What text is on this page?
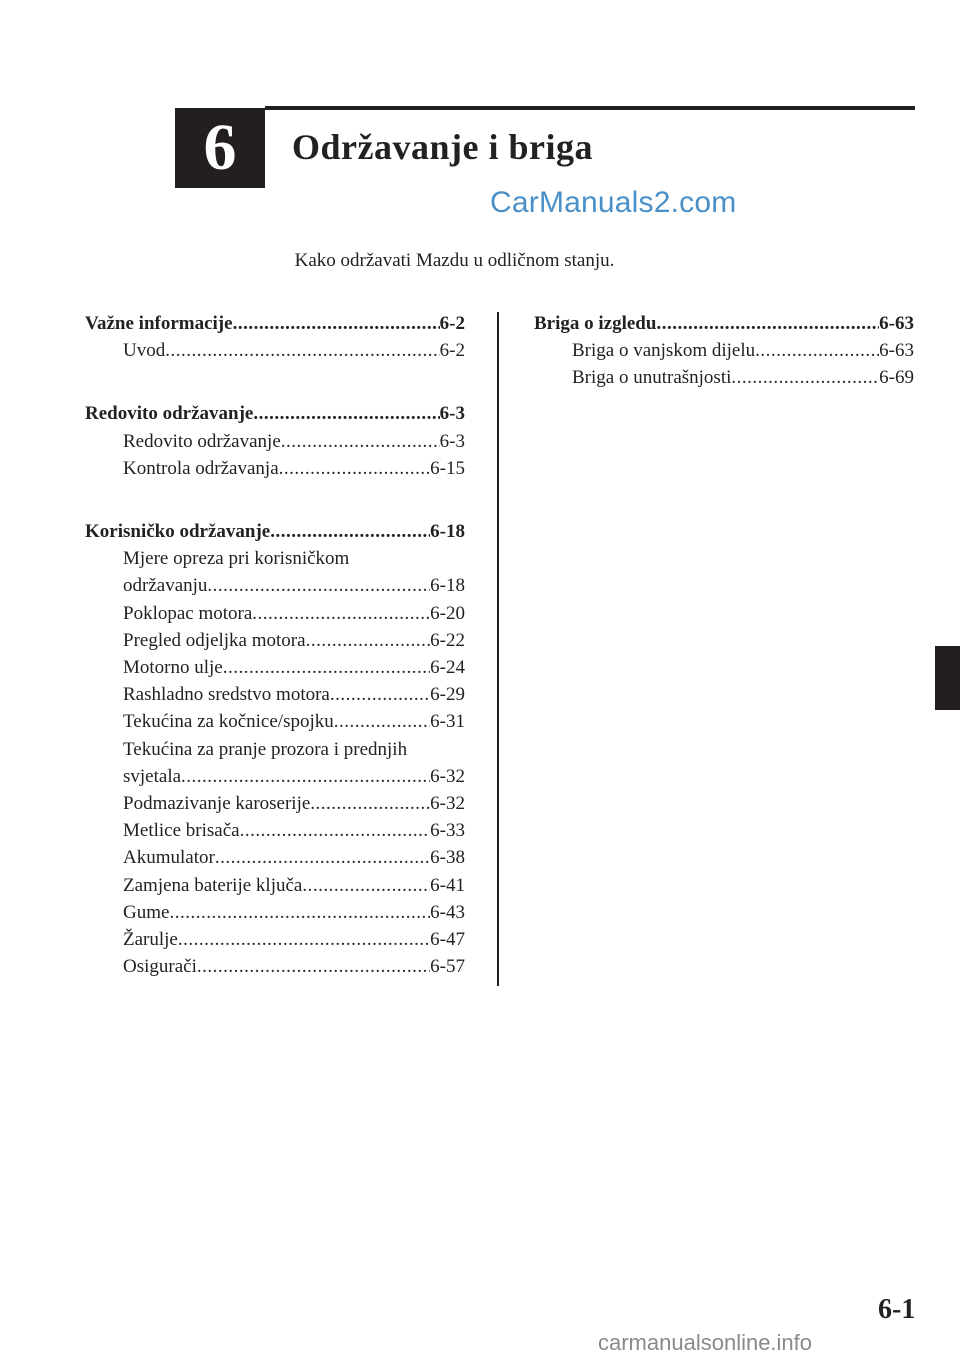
6	Održavanje i briga
CarManuals2.com
Kako održavati Mazdu u odličnom stanju.
Važne informacije .....	6-2
Uvod .....	6-2
Redovito održavanje .....	6-3
Redovito održavanje .....	6-3
Kontrola održavanja .....	6-15
Korisničko održavanje .....	6-18
Mjere opreza pri korisničkom
održavanju .....	6-18
Poklopac motora .....	6-20
Pregled odjeljka motora .....	6-22
Motorno ulje .....	6-24
Rashladno sredstvo motora .....	6-29
Tekućina za kočnice/spojku .....	6-31
Tekućina za pranje prozora i prednjih
svjetala .....	6-32
Podmazivanje karoserije .....	6-32
Metlice brisača .....	6-33
Akumulator .....	6-38
Zamjena baterije ključa .....	6-41
Gume .....	6-43
Žarulje .....	6-47
Osigurači .....	6-57
Briga o izgledu .....	6-63
Briga o vanjskom dijelu .....	6-63
Briga o unutrašnjosti .....	6-69
6-1
carmanualsonline.info
